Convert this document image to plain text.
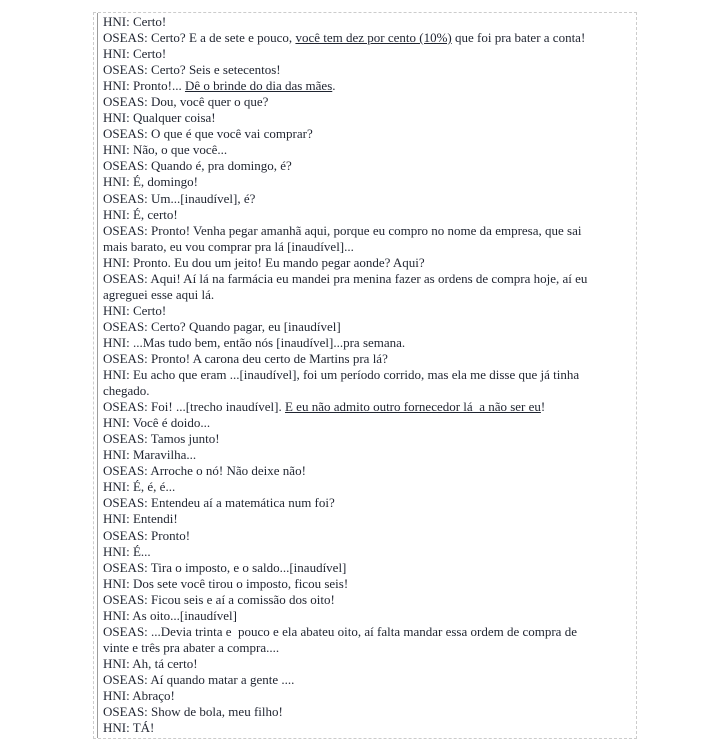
HNI: Certo!

OSEAS: Certo? E a de sete e pouco, você tem dez por cento (10%) que foi pra bater a conta!

HNI: Certo!

OSEAS: Certo? Seis e setecentos!

HNI: Pronto!... Dê o brinde do dia das mães.

OSEAS: Dou, você quer o que?

HNI: Qualquer coisa!

OSEAS: O que é que você vai comprar?

HNI: Não, o que você...

OSEAS: Quando é, pra domingo, é?

HNI: É, domingo!

OSEAS: Um...[inaudível], é?

HNI: É, certo!

OSEAS: Pronto! Venha pegar amanhã aqui, porque eu compro no nome da empresa, que sai

mais barato, eu vou comprar pra lá [inaudível]...

HNI: Pronto. Eu dou um jeito! Eu mando pegar aonde? Aqui?

OSEAS: Aqui! Aí lá na farmácia eu mandei pra menina fazer as ordens de compra hoje, aí eu

agreguei esse aqui lá.

HNI: Certo!

OSEAS: Certo? Quando pagar, eu [inaudível]

HNI: ...Mas tudo bem, então nós [inaudível]...pra semana.

OSEAS: Pronto! A carona deu certo de Martins pra lá?

HNI: Eu acho que eram ...[inaudível], foi um período corrido, mas ela me disse que já tinha

chegado.

OSEAS: Foi! ...[trecho inaudível]. E eu não admito outro fornecedor lá  a não ser eu!

HNI: Você é doido...

OSEAS: Tamos junto!

HNI: Maravilha...

OSEAS: Arroche o nó! Não deixe não!

HNI: É, é, é...

OSEAS: Entendeu aí a matemática num foi?

HNI: Entendi!

OSEAS: Pronto!

HNI: É...

OSEAS: Tira o imposto, e o saldo...[inaudível]

HNI: Dos sete você tirou o imposto, ficou seis!

OSEAS: Ficou seis e aí a comissão dos oito!

HNI: As oito...[inaudível]

OSEAS: ...Devia trinta e  pouco e ela abateu oito, aí falta mandar essa ordem de compra de

vinte e três pra abater a compra....

HNI: Ah, tá certo!

OSEAS: Aí quando matar a gente ....

HNI: Abraço!

OSEAS: Show de bola, meu filho!

HNI: TÁ!
